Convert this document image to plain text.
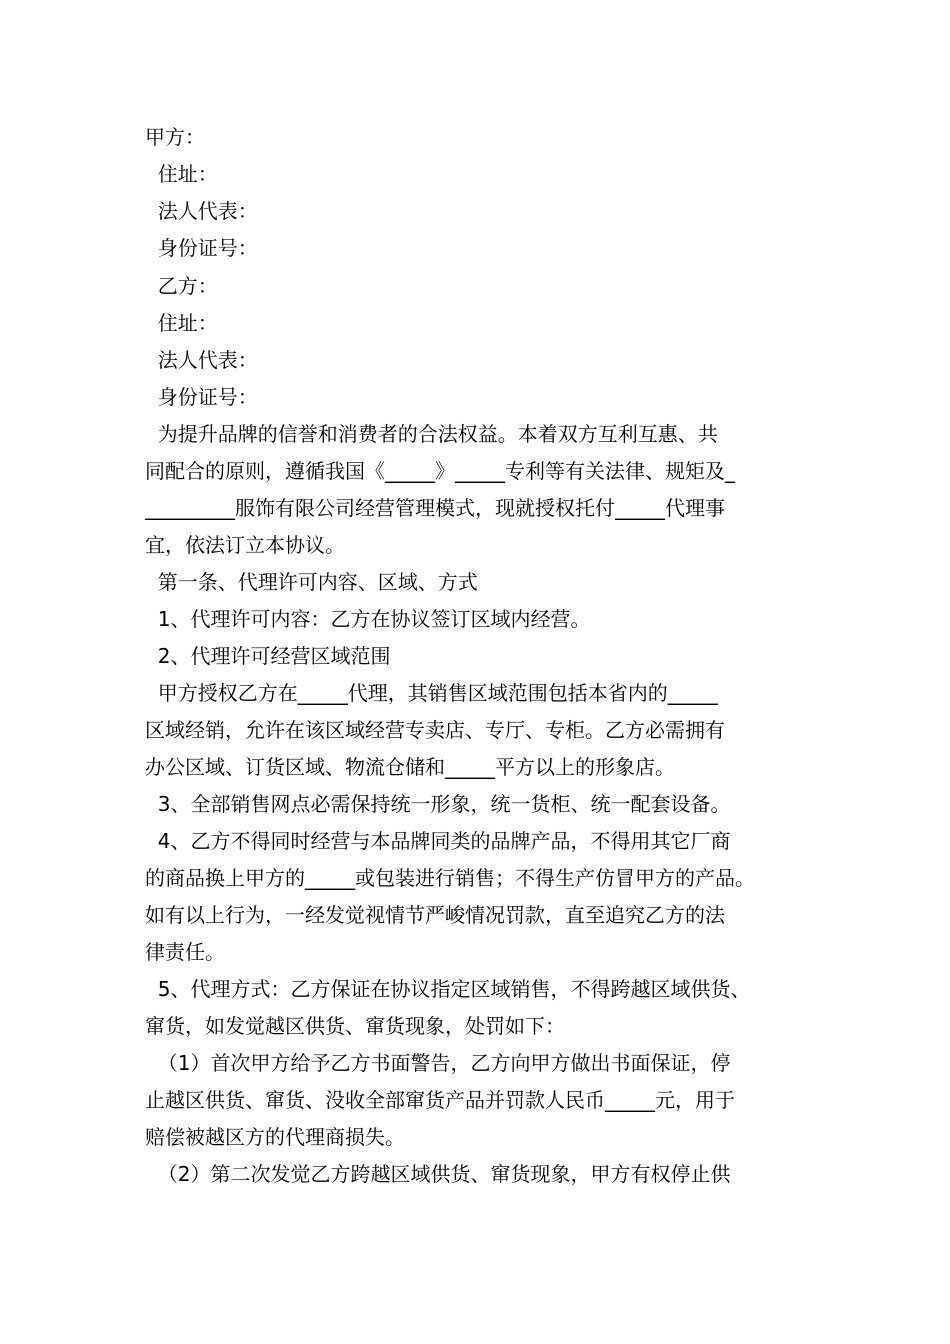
甲方：
住址：
法人代表：
身份证号：
乙方：
住址：
法人代表：
身份证号：
为提升品牌的信誉和消费者的合法权益。本着双方互利互惠、共
同配合的原则，遵循我国《_____》_____专利等有关法律、规矩及_
_________服饰有限公司经营管理模式，现就授权托付_____代理事
宜，依法订立本协议。
第一条、代理许可内容、区域、方式
1、代理许可内容：乙方在协议签订区域内经营。
2、代理许可经营区域范围
甲方授权乙方在_____代理，其销售区域范围包括本省内的_____
区域经销，允许在该区域经营专卖店、专厅、专柜。乙方必需拥有
办公区域、订货区域、物流仓储和_____平方以上的形象店。
3、全部销售网点必需保持统一形象，统一货柜、统一配套设备。
4、乙方不得同时经营与本品牌同类的品牌产品，不得用其它厂商
的商品换上甲方的_____或包装进行销售；不得生产仿冒甲方的产品。
如有以上行为，一经发觉视情节严峻情况罚款，直至追究乙方的法
律责任。
5、代理方式：乙方保证在协议指定区域销售，不得跨越区域供货、
窜货，如发觉越区供货、窜货现象，处罚如下：
（1）首次甲方给予乙方书面警告，乙方向甲方做出书面保证，停
止越区供货、窜货、没收全部窜货产品并罚款人民币_____元，用于
赔偿被越区方的代理商损失。
（2）第二次发觉乙方跨越区域供货、窜货现象，甲方有权停止供
